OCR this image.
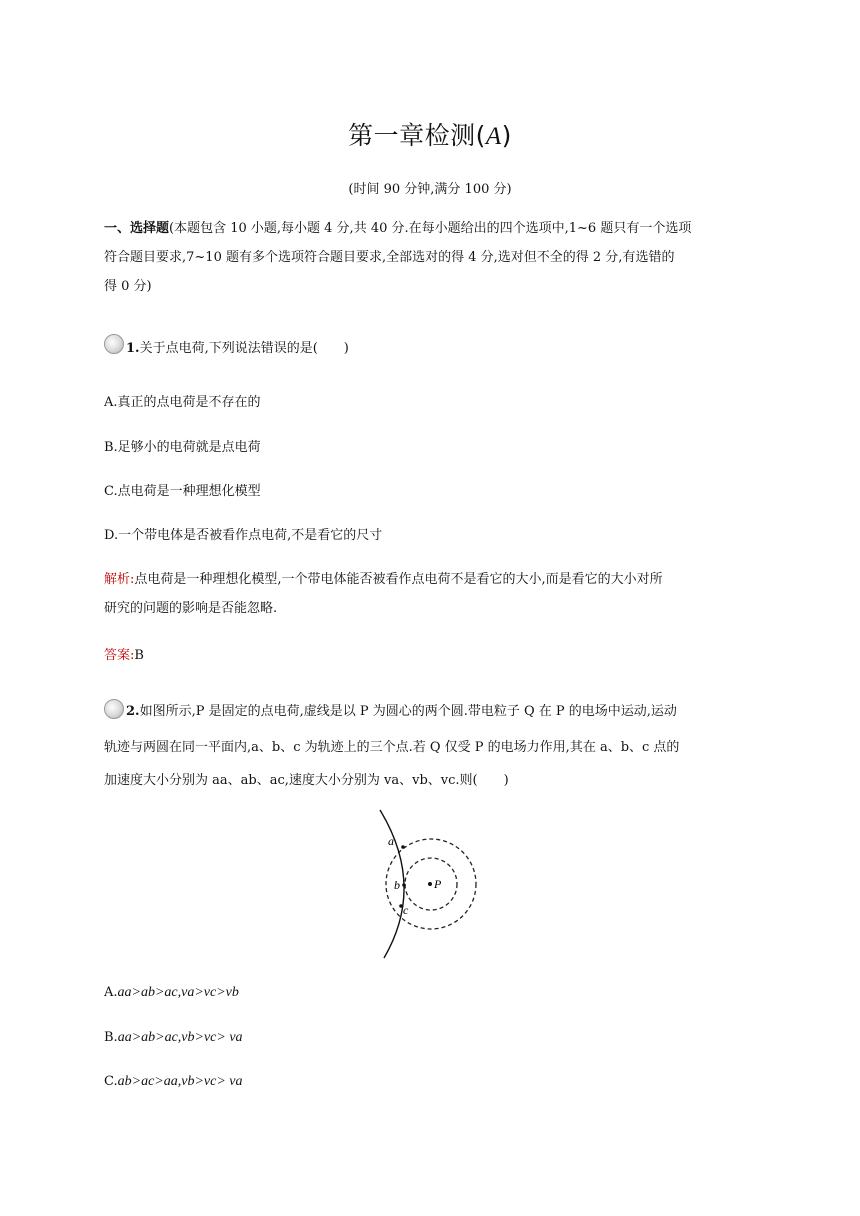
第一章检测(A)
(时间 90 分钟,满分 100 分)
一、选择题(本题包含 10 小题,每小题 4 分,共 40 分.在每小题给出的四个选项中,1~6 题只有一个选项
符合题目要求,7~10 题有多个选项符合题目要求,全部选对的得 4 分,选对但不全的得 2 分,有选错的
得 0 分)
1.关于点电荷,下列说法错误的是(　　)
A.真正的点电荷是不存在的
B.足够小的电荷就是点电荷
C.点电荷是一种理想化模型
D.一个带电体是否被看作点电荷,不是看它的尺寸
解析:点电荷是一种理想化模型,一个带电体能否被看作点电荷不是看它的大小,而是看它的大小对所
研究的问题的影响是否能忽略.
答案:B
2.如图所示,P 是固定的点电荷,虚线是以 P 为圆心的两个圆.带电粒子 Q 在 P 的电场中运动,运动
轨迹与两圆在同一平面内,a、b、c 为轨迹上的三个点.若 Q 仅受 P 的电场力作用,其在 a、b、c 点的
加速度大小分别为 aa、ab、ac,速度大小分别为 va、vb、vc.则(　　)
a
b
c
P
A.aa>ab>ac,va>vc>vb
B.aa>ab>ac,vb>vc> va
C.ab>ac>aa,vb>vc> va
